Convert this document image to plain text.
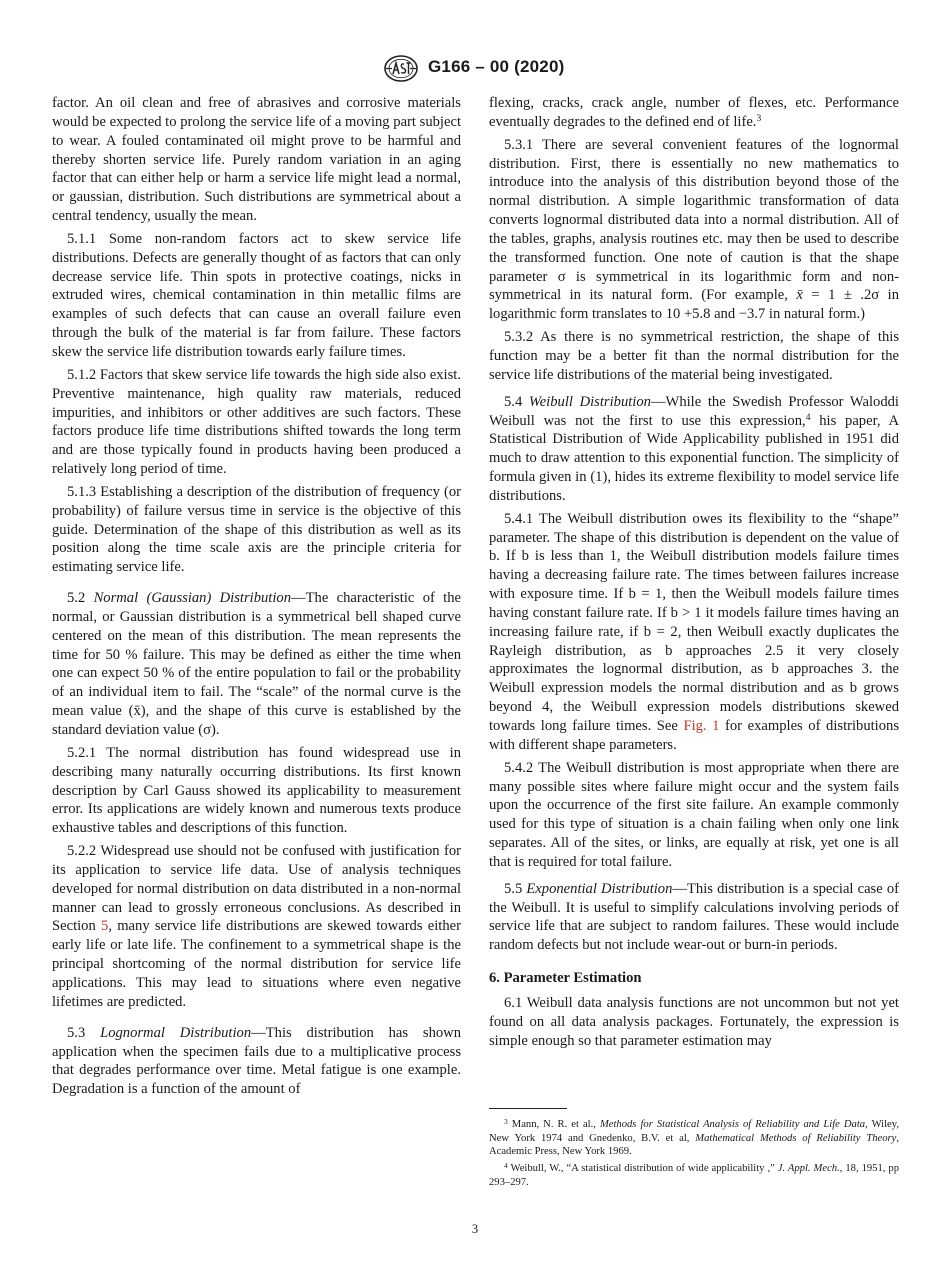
G166 – 00 (2020)

factor. An oil clean and free of abrasives and corrosive materials would be expected to prolong the service life of a moving part subject to wear. A fouled contaminated oil might prove to be harmful and thereby shorten service life. Purely random variation in an aging factor that can either help or harm a service life might lead a normal, or gaussian, distribution. Such distributions are symmetrical about a central tendency, usually the mean.

5.1.1 Some non-random factors act to skew service life distributions. Defects are generally thought of as factors that can only decrease service life. Thin spots in protective coatings, nicks in extruded wires, chemical contamination in thin metallic films are examples of such defects that can cause an overall failure even through the bulk of the material is far from failure. These factors skew the service life distribution towards early failure times.

5.1.2 Factors that skew service life towards the high side also exist. Preventive maintenance, high quality raw materials, reduced impurities, and inhibitors or other additives are such factors. These factors produce life time distributions shifted towards the long term and are those typically found in products having been produced a relatively long period of time.

5.1.3 Establishing a description of the distribution of frequency (or probability) of failure versus time in service is the objective of this guide. Determination of the shape of this distribution as well as its position along the time scale axis are the principle criteria for estimating service life.

5.2 Normal (Gaussian) Distribution—The characteristic of the normal, or Gaussian distribution is a symmetrical bell shaped curve centered on the mean of this distribution. The mean represents the time for 50 % failure. This may be defined as either the time when one can expect 50 % of the entire population to fail or the probability of an individual item to fail. The “scale” of the normal curve is the mean value (x̄), and the shape of this curve is established by the standard deviation value (σ).

5.2.1 The normal distribution has found widespread use in describing many naturally occurring distributions. Its first known description by Carl Gauss showed its applicability to measurement error. Its applications are widely known and numerous texts produce exhaustive tables and descriptions of this function.

5.2.2 Widespread use should not be confused with justification for its application to service life data. Use of analysis techniques developed for normal distribution on data distributed in a non-normal manner can lead to grossly erroneous conclusions. As described in Section 5, many service life distributions are skewed towards either early life or late life. The confinement to a symmetrical shape is the principal shortcoming of the normal distribution for service life applications. This may lead to situations where even negative lifetimes are predicted.

5.3 Lognormal Distribution—This distribution has shown application when the specimen fails due to a multiplicative process that degrades performance over time. Metal fatigue is one example. Degradation is a function of the amount of

flexing, cracks, crack angle, number of flexes, etc. Performance eventually degrades to the defined end of life.$^3$

5.3.1 There are several convenient features of the lognormal distribution. First, there is essentially no new mathematics to introduce into the analysis of this distribution beyond those of the normal distribution. A simple logarithmic transformation of data converts lognormal distributed data into a normal distribution. All of the tables, graphs, analysis routines etc. may then be used to describe the transformed function. One note of caution is that the shape parameter σ is symmetrical in its logarithmic form and non-symmetrical in its natural form. (For example, x̄ = 1 ± .2σ in logarithmic form translates to 10 +5.8 and −3.7 in natural form.)

5.3.2 As there is no symmetrical restriction, the shape of this function may be a better fit than the normal distribution for the service life distributions of the material being investigated.

5.4 Weibull Distribution—While the Swedish Professor Waloddi Weibull was not the first to use this expression,$^4$ his paper, A Statistical Distribution of Wide Applicability published in 1951 did much to draw attention to this exponential function. The simplicity of formula given in (1), hides its extreme flexibility to model service life distributions.

5.4.1 The Weibull distribution owes its flexibility to the “shape” parameter. The shape of this distribution is dependent on the value of b. If b is less than 1, the Weibull distribution models failure times having a decreasing failure rate. The times between failures increase with exposure time. If b = 1, then the Weibull models failure times having constant failure rate. If b > 1 it models failure times having an increasing failure rate, if b = 2, then Weibull exactly duplicates the Rayleigh distribution, as b approaches 2.5 it very closely approximates the lognormal distribution, as b approaches 3. the Weibull expression models the normal distribution and as b grows beyond 4, the Weibull expression models distributions skewed towards long failure times. See Fig. 1 for examples of distributions with different shape parameters.

5.4.2 The Weibull distribution is most appropriate when there are many possible sites where failure might occur and the system fails upon the occurrence of the first site failure. An example commonly used for this type of situation is a chain failing when only one link separates. All of the sites, or links, are equally at risk, yet one is all that is required for total failure.

5.5 Exponential Distribution—This distribution is a special case of the Weibull. It is useful to simplify calculations involving periods of service life that are subject to random failures. These would include random defects but not include wear-out or burn-in periods.

6. Parameter Estimation

6.1 Weibull data analysis functions are not uncommon but not yet found on all data analysis packages. Fortunately, the expression is simple enough so that parameter estimation may

$^3$ Mann, N. R. et al., Methods for Statistical Analysis of Reliability and Life Data, Wiley, New York 1974 and Gnedenko, B.V. et al, Mathematical Methods of Reliability Theory, Academic Press, New York 1969.
$^4$ Weibull, W., “A statistical distribution of wide applicability ,” J. Appl. Mech., 18, 1951, pp 293–297.
3
